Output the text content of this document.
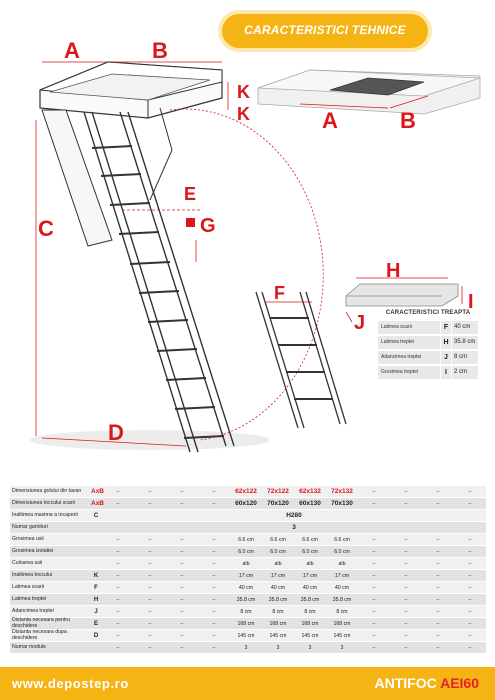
CARACTERISTICI TEHNICE
A	B
K
K
C
E
G
D
A	B
F
H
I
J	CARACTERISTICI TREAPTA
Latimea scarii	F 40 cm
Latimea treptei	H 35.8 cm
Adancimea treptei	J	8 cm
Grosimea treptei	I	2 cm
Dimensiunea golului din tavan	AxB	–	–	–	–	62x122	72x122	62x132	72x132	–	–	–	–
Dimensiunea toccului scarii	AxB	–	–	–	–	60x120	70x120	60x130	70x130	–	–	–	–
Inaltimea maxima a incaperii	C	H280											
Numar garnituri		3											
Grosimea usii		–	–	–	–	6.6 cm	6.6 cm	6.6 cm	6.6 cm	–	–	–	–
Grosimea izolatiei		–	–	–	–	6.0 cm	6.0 cm	6.0 cm	6.0 cm	–	–	–	–
Culoarea usii		–	–	–	–	alb	alb	alb	alb	–	–	–	–
Inaltimea toccului	K	–	–	–	–	17 cm	17 cm	17 cm	17 cm	–	–	–	–
Latimea scarii	F	–	–	–	–	40 cm	40 cm	40 cm	40 cm	–	–	–	–
Latimea treptei	H	–	–	–	–	35.8 cm	35.8 cm	35.8 cm	35.8 cm	–	–	–	–
Adancimea treptei	J	–	–	–	–	8 cm	8 cm	8 cm	8 cm	–	–	–	–
Distanta necesara pentru deschidere	E	–	–	–	–	168 cm	168 cm	168 cm	168 cm	–	–	–	–
Distanta necesara dupa deschidere	D	–	–	–	–	145 cm	145 cm	145 cm	145 cm	–	–	–	–
Numar module		–	–	–	–	3	3	3	3	–	–	–	–
www.depostep.ro	ANTIFOC AEI60
